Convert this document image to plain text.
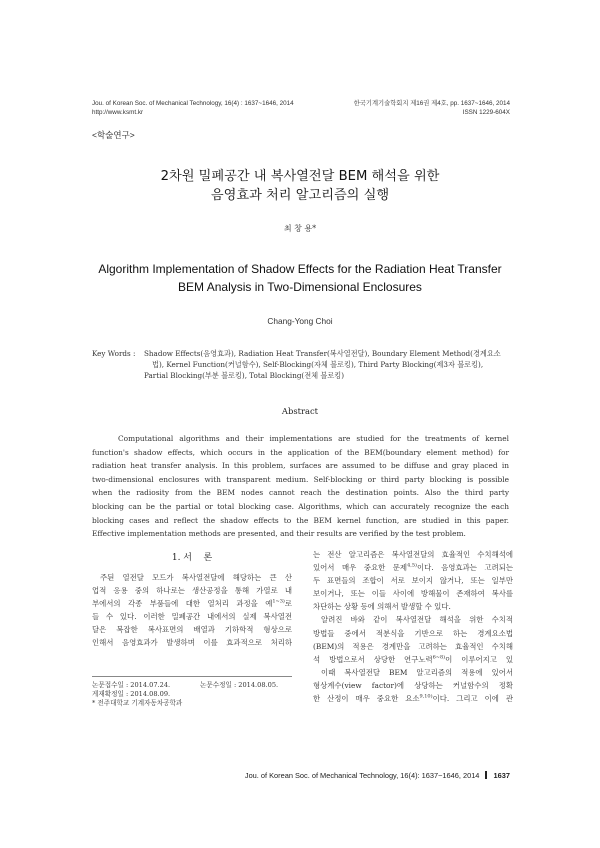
Jou. of Korean Soc. of Mechanical Technology, 16(4) : 1637~1646, 2014
http://www.ksmt.kr
한국기계기술학회지 제16권 제4호, pp. 1637~1646, 2014
ISSN 1229-604X
<학술연구>
2차원 밀폐공간 내 복사열전달 BEM 해석을 위한
음영효과 처리 알고리즘의 실행
최 창 용*
Algorithm Implementation of Shadow Effects for the Radiation Heat Transfer
BEM Analysis in Two-Dimensional Enclosures
Chang-Yong Choi
Key Words : Shadow Effects(음영효과), Radiation Heat Transfer(복사열전달), Boundary Element Method(경계요소
법), Kernel Function(커널함수), Self-Blocking(자체 블로킹), Third Party Blocking(제3자 블로킹),
Partial Blocking(부분 블로킹), Total Blocking(전체 블로킹)
Abstract
Computational algorithms and their implementations are studied for the treatments of kernel
function's shadow effects, which occurs in the application of the BEM(boundary element method) for
radiation heat transfer analysis. In this problem, surfaces are assumed to be diffuse and gray placed in
two-dimensional enclosures with transparent medium. Self-blocking or third party blocking is possible
when the radiosity from the BEM nodes cannot reach the destination points. Also the third party
blocking can be the partial or total blocking case. Algorithms, which can accurately recognize the each
blocking cases and reflect the shadow effects to the BEM kernel function, are studied in this paper.
Effective implementation methods are presented, and their results are verified by the test problem.
1. 서    론
주된 열전달 모드가 복사열전달에 해당하는 큰 산
업적 응용 중의 하나로는 생산공정을 통해 가열로 내
부에서의 각종 부품들에 대한 열처리 과정을 예$^{1\sim 3)}$로
들 수 있다. 이러한 밀폐공간 내에서의 실제 복사열전
달은 복잡한 복사표면의 배열과 기하학적 형상으로
인해서 음영효과가 발생하며 이를 효과적으로 처리하
논문접수일 : 2014.07.24.	논문수정일 : 2014.08.05.
게재확정일 : 2014.08.09.
* 전주대학교 기계자동차공학과
는 전산 알고리즘은 복사열전달의 효율적인 수치해석에
있어서 매우 중요한 문제$^{4,5)}$이다. 음영효과는 고려되는
두 표면들의 조합이 서로 보이지 않거나, 또는 일부만
보이거나, 또는 이들 사이에 방해물이 존재하여 복사를
차단하는 상황 등에 의해서 발생할 수 있다.
알려진 바와 같이 복사열전달 해석을 위한 수치적
방법들 중에서 적분식을 기반으로 하는 경계요소법
(BEM)의 적용은 경계만을 고려하는 효율적인 수치해
석 방법으로서 상당한 연구노력$^{6\sim 8)}$이 이루어지고 있
이때 복사열전달 BEM 알고리즘의 적용에 있어서
형상계수(view factor)에 상당하는 커널함수의 정확
한 산정이 매우 중요한 요소$^{9,10)}$이다. 그리고 이에 관
Jou. of Korean Soc. of Mechanical Technology, 16(4): 1637~1646, 2014 1637
